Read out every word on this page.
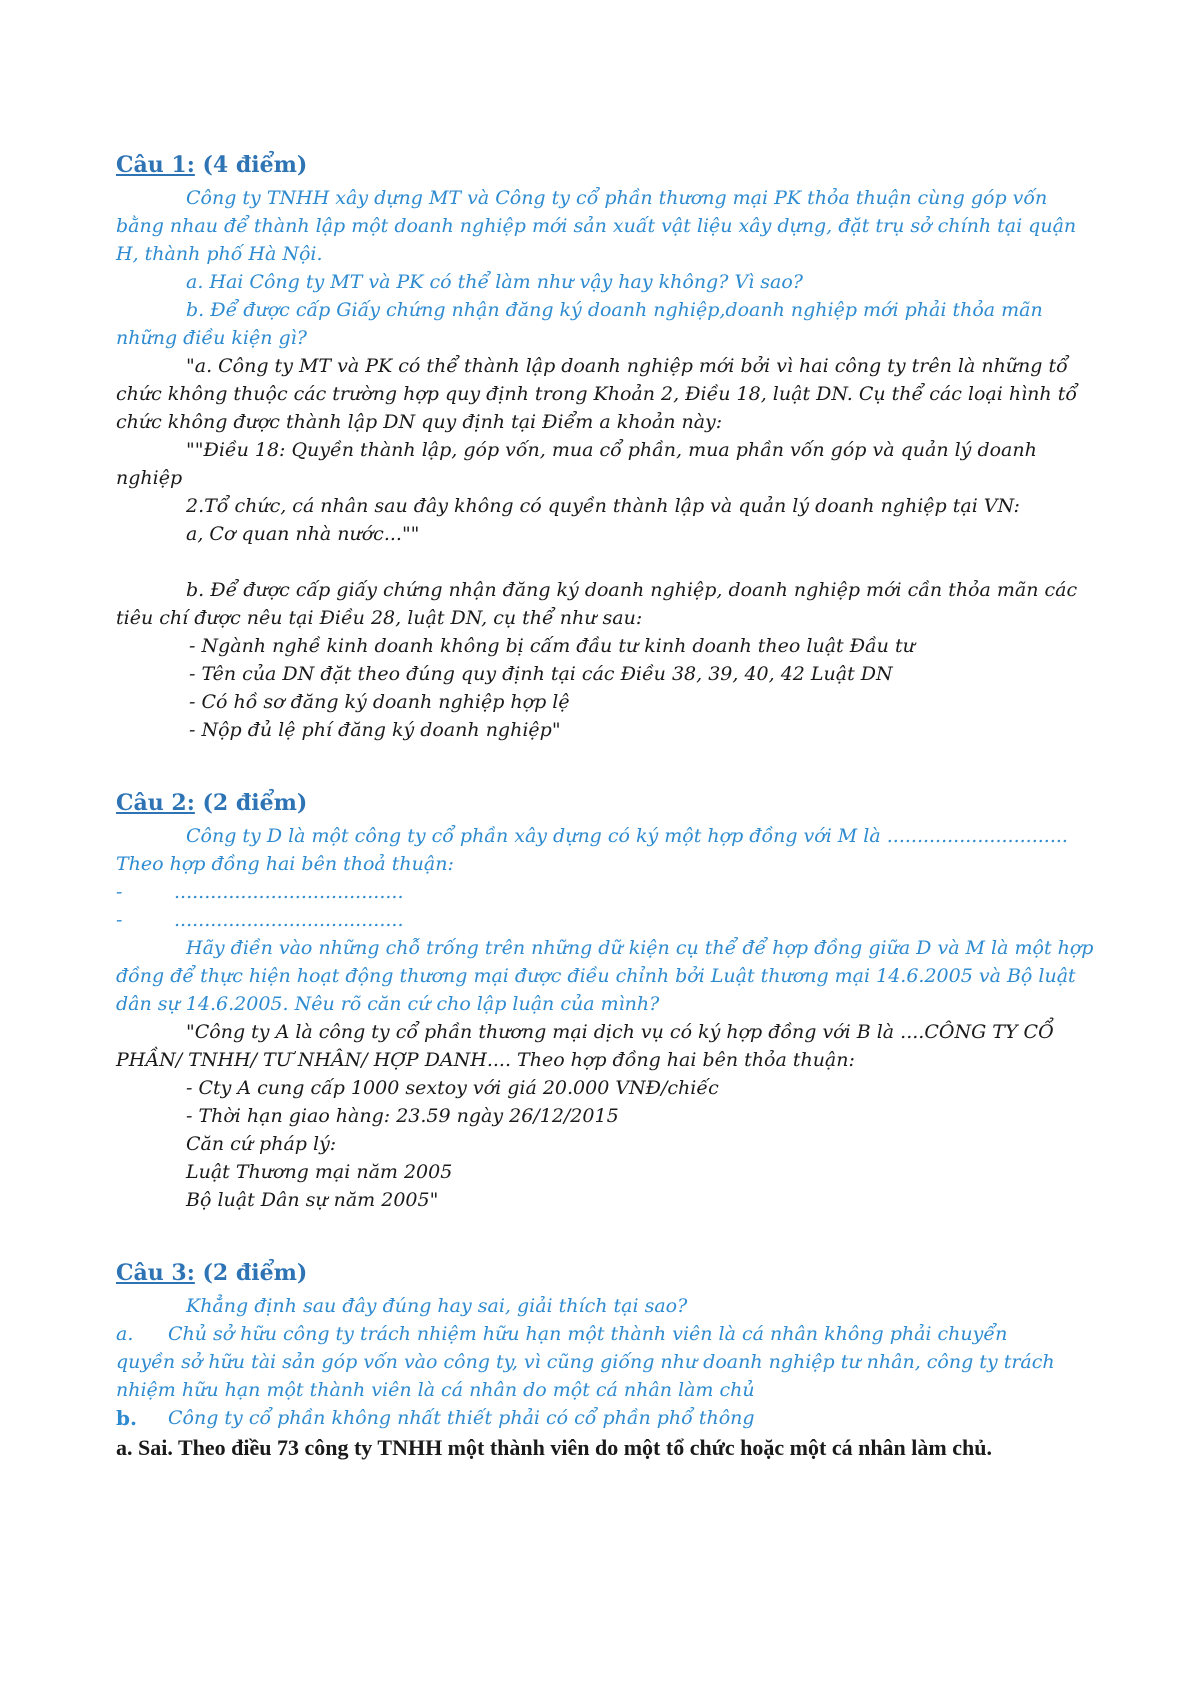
Câu 1: (4 điểm)

Công ty TNHH xây dựng MT và Công ty cổ phần thương mại PK thỏa thuận cùng góp vốn bằng nhau để thành lập một doanh nghiệp mới sản xuất vật liệu xây dựng, đặt trụ sở chính tại quận H, thành phố Hà Nội.

a. Hai Công ty MT và PK có thể làm như vậy hay không? Vì sao?

b. Để được cấp Giấy chứng nhận đăng ký doanh nghiệp,doanh nghiệp mới phải thỏa mãn những điều kiện gì?

"a. Công ty MT và PK có thể thành lập doanh nghiệp mới bởi vì hai công ty trên là những tổ chức không thuộc các trường hợp quy định trong Khoản 2, Điều 18, luật DN. Cụ thể các loại hình tổ chức không được thành lập DN quy định tại Điểm a khoản này:

""Điều 18: Quyền thành lập, góp vốn, mua cổ phần, mua phần vốn góp và quản lý doanh nghiệp

2.Tổ chức, cá nhân sau đây không có quyền thành lập và quản lý doanh nghiệp tại VN:

a, Cơ quan nhà nước...""

b. Để được cấp giấy chứng nhận đăng ký doanh nghiệp, doanh nghiệp mới cần thỏa mãn các tiêu chí được nêu tại Điều 28, luật DN, cụ thể như sau:

- Ngành nghề kinh doanh không bị cấm đầu tư kinh doanh theo luật Đầu tư

- Tên của DN đặt theo đúng quy định tại các Điều 38, 39, 40, 42 Luật DN

- Có hồ sơ đăng ký doanh nghiệp hợp lệ

- Nộp đủ lệ phí đăng ký doanh nghiệp"

Câu 2: (2 điểm)

Công ty D là một công ty cổ phần xây dựng có ký một hợp đồng với M là ..............................

Theo hợp đồng hai bên thoả thuận:

-	......................................
-	......................................

Hãy điền vào những chỗ trống trên những dữ kiện cụ thể để hợp đồng giữa D và M là một hợp đồng để thực hiện hoạt động thương mại được điều chỉnh bởi Luật thương mại 14.6.2005 và Bộ luật dân sự 14.6.2005. Nêu rõ căn cứ cho lập luận của mình?

"Công ty A là công ty cổ phần thương mại dịch vụ có ký hợp đồng với B là ....CÔNG TY CỔ PHẦN/ TNHH/ TƯ NHÂN/ HỢP DANH.... Theo hợp đồng hai bên thỏa thuận:

- Cty A cung cấp 1000 sextoy với giá 20.000 VNĐ/chiếc

- Thời hạn giao hàng: 23.59 ngày 26/12/2015

Căn cứ pháp lý:

Luật Thương mại năm 2005

Bộ luật Dân sự năm 2005"

Câu 3: (2 điểm)

Khẳng định sau đây đúng hay sai, giải thích tại sao?

a.	Chủ sở hữu công ty trách nhiệm hữu hạn một thành viên là cá nhân không phải chuyển

quyền sở hữu tài sản góp vốn vào công ty, vì cũng giống như doanh nghiệp tư nhân, công ty trách nhiệm hữu hạn một thành viên là cá nhân do một cá nhân làm chủ

b.	Công ty cổ phần không nhất thiết phải có cổ phần phổ thông

a. Sai. Theo điều 73 công ty TNHH một thành viên do một tổ chức hoặc một cá nhân làm chủ.
